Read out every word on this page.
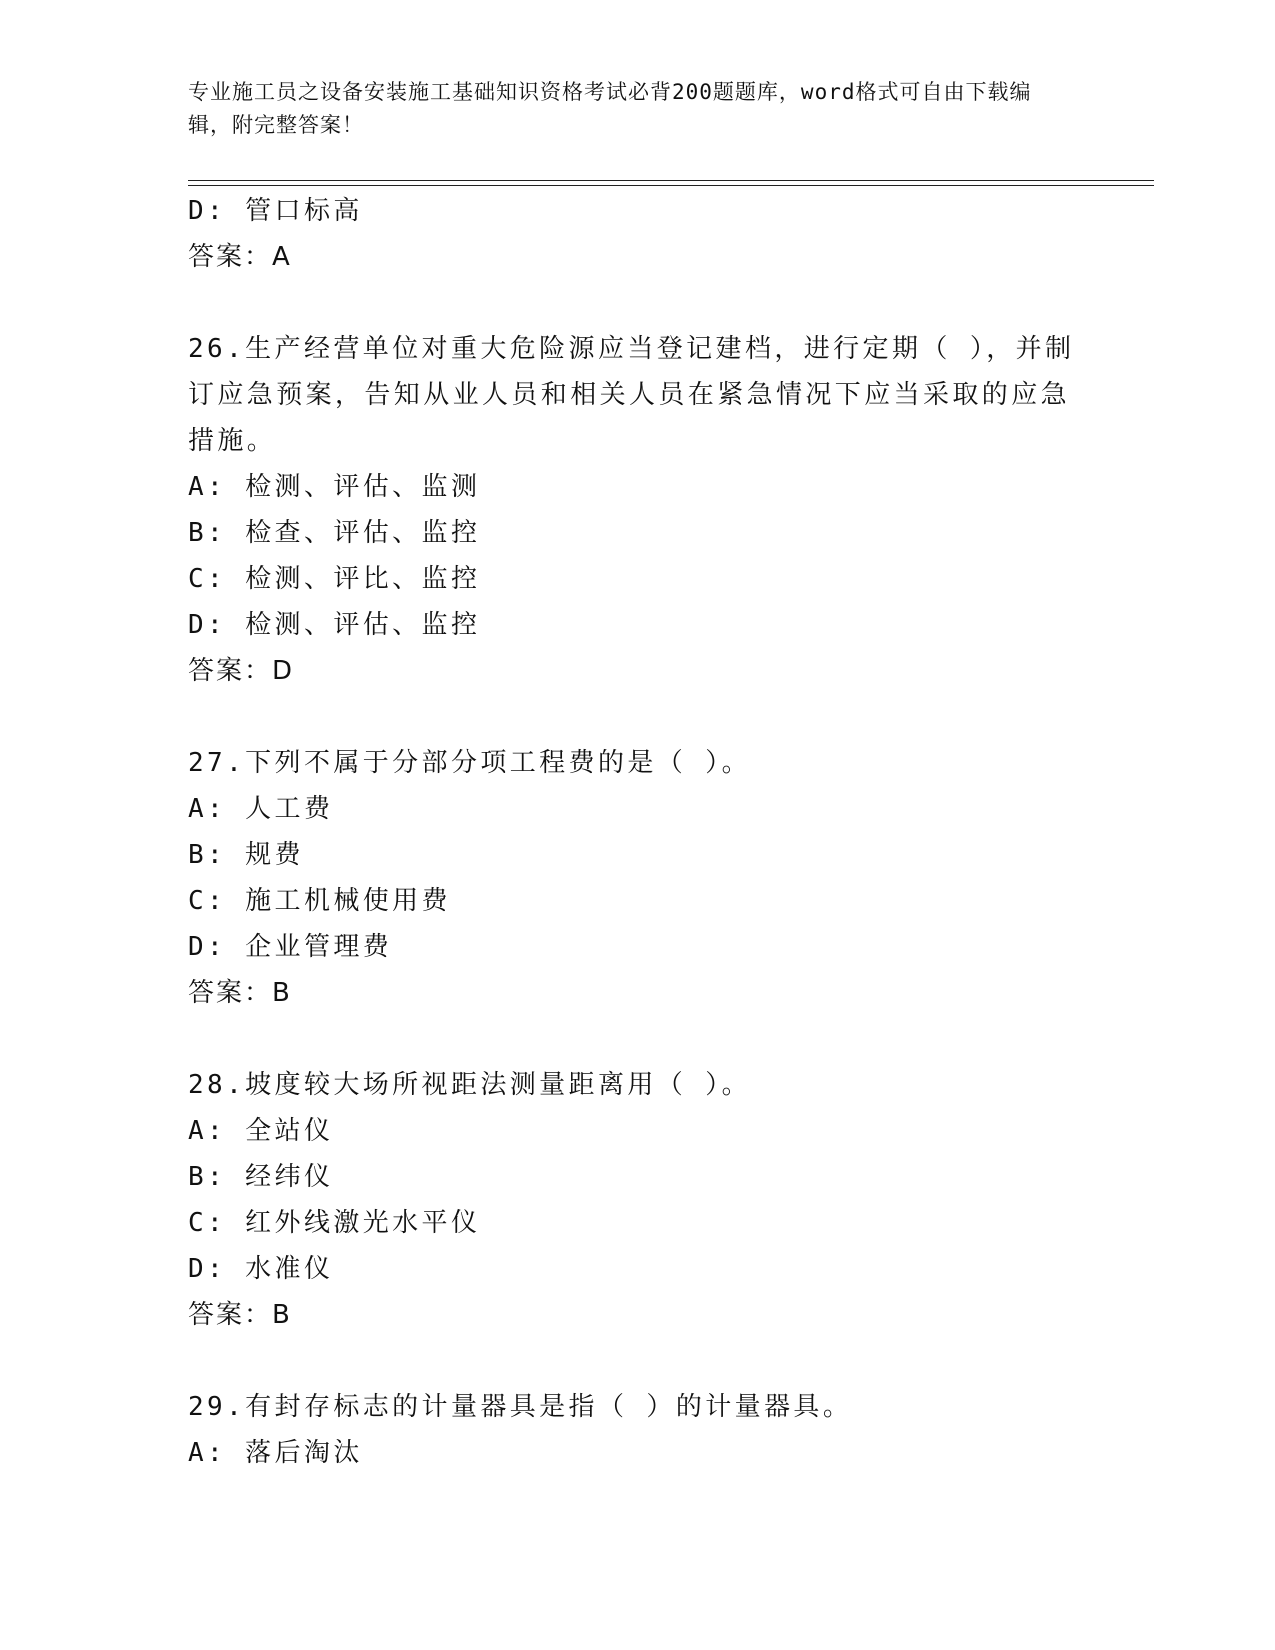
专业施工员之设备安装施工基础知识资格考试必背200题题库，word格式可自由下载编辑，附完整答案！
D: 管口标高
答案：A
26.生产经营单位对重大危险源应当登记建档，进行定期（ ），并制订应急预案，告知从业人员和相关人员在紧急情况下应当采取的应急措施。
A: 检测、评估、监测
B: 检查、评估、监控
C: 检测、评比、监控
D: 检测、评估、监控
答案：D
27.下列不属于分部分项工程费的是（ ）。
A: 人工费
B: 规费
C: 施工机械使用费
D: 企业管理费
答案：B
28.坡度较大场所视距法测量距离用（ ）。
A: 全站仪
B: 经纬仪
C: 红外线激光水平仪
D: 水准仪
答案：B
29.有封存标志的计量器具是指（ ）的计量器具。
A: 落后淘汰
